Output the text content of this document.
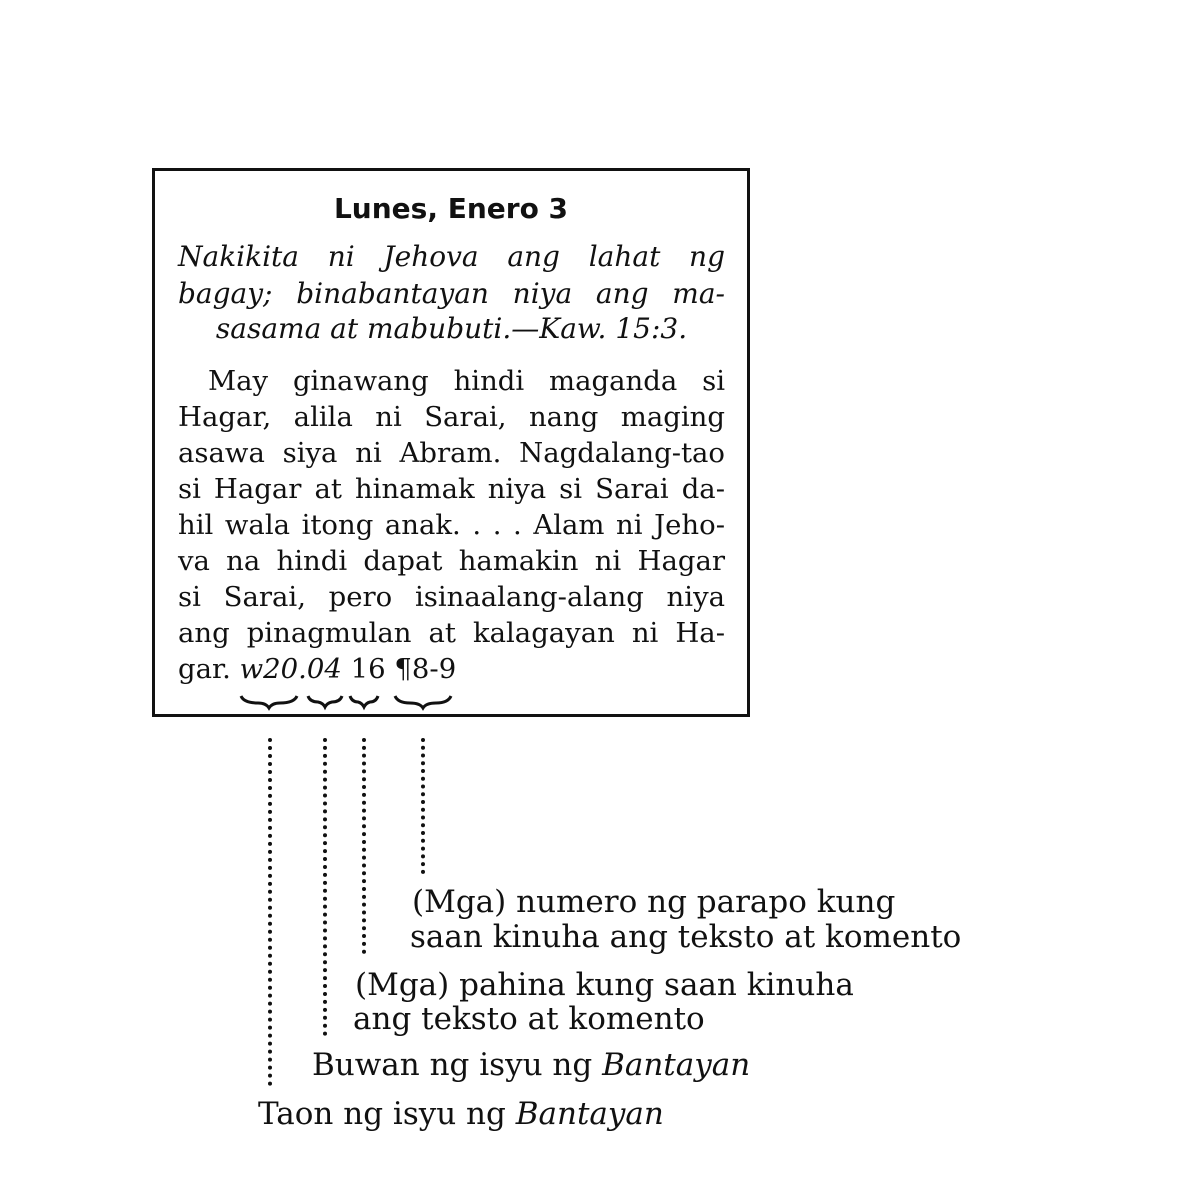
Lunes, Enero 3
Nakikita ni Jehova ang lahat ng
bagay; binabantayan niya ang ma-
sasama at mabubuti.—Kaw. 15:3.
May ginawang hindi maganda si
Hagar, alila ni Sarai, nang maging
asawa siya ni Abram. Nagdalang-tao
si Hagar at hinamak niya si Sarai da-
hil wala itong anak. . . . Alam ni Jeho-
va na hindi dapat hamakin ni Hagar
si Sarai, pero isinaalang-alang niya
ang pinagmulan at kalagayan ni Ha-
gar. w20.04 16 ¶8-9
(Mga) numero ng parapo kung
saan kinuha ang teksto at komento
(Mga) pahina kung saan kinuha
ang teksto at komento
Buwan ng isyu ng Bantayan
Taon ng isyu ng Bantayan
